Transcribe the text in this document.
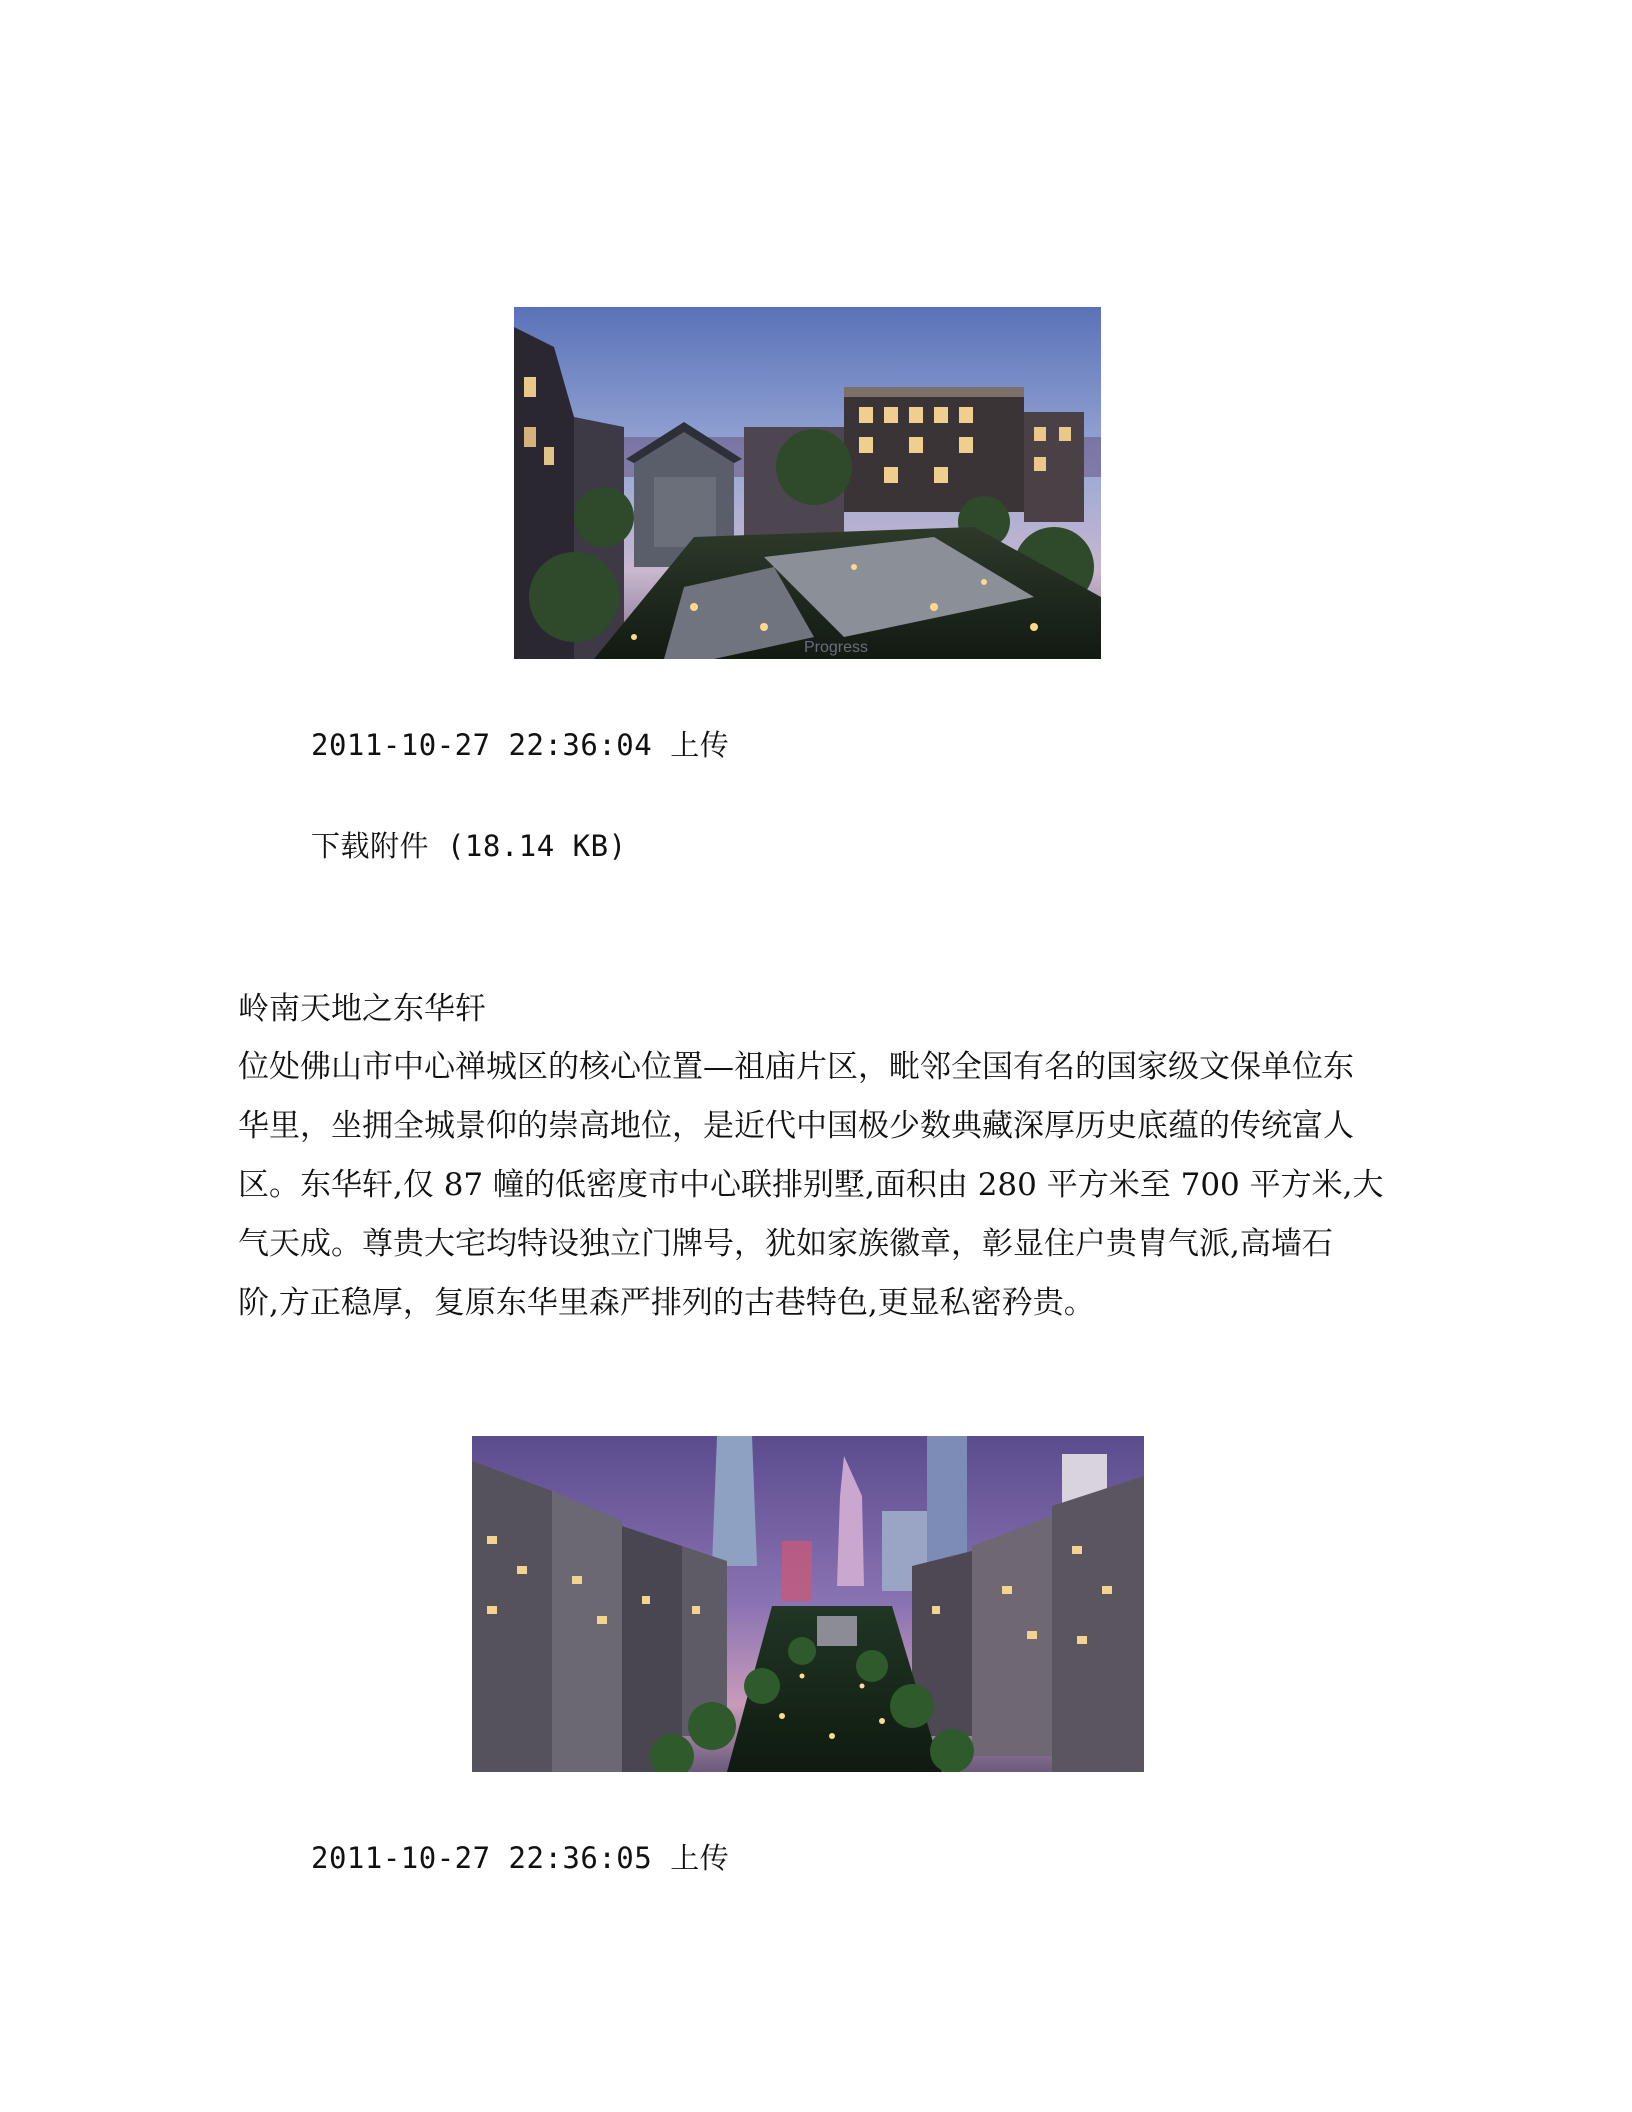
Progress
2011-10-27 22:36:04 上传
下载附件 (18.14 KB)
岭南天地之东华轩
位处佛山市中心禅城区的核心位置—祖庙片区，毗邻全国有名的国家级文保单位东
华里，坐拥全城景仰的崇高地位，是近代中国极少数典藏深厚历史底蕴的传统富人
区。东华轩,仅 87 幢的低密度市中心联排别墅,面积由 280 平方米至 700 平方米,大
气天成。尊贵大宅均特设独立门牌号，犹如家族徽章，彰显住户贵胄气派,高墙石
阶,方正稳厚，复原东华里森严排列的古巷特色,更显私密矜贵。
2011-10-27 22:36:05 上传
